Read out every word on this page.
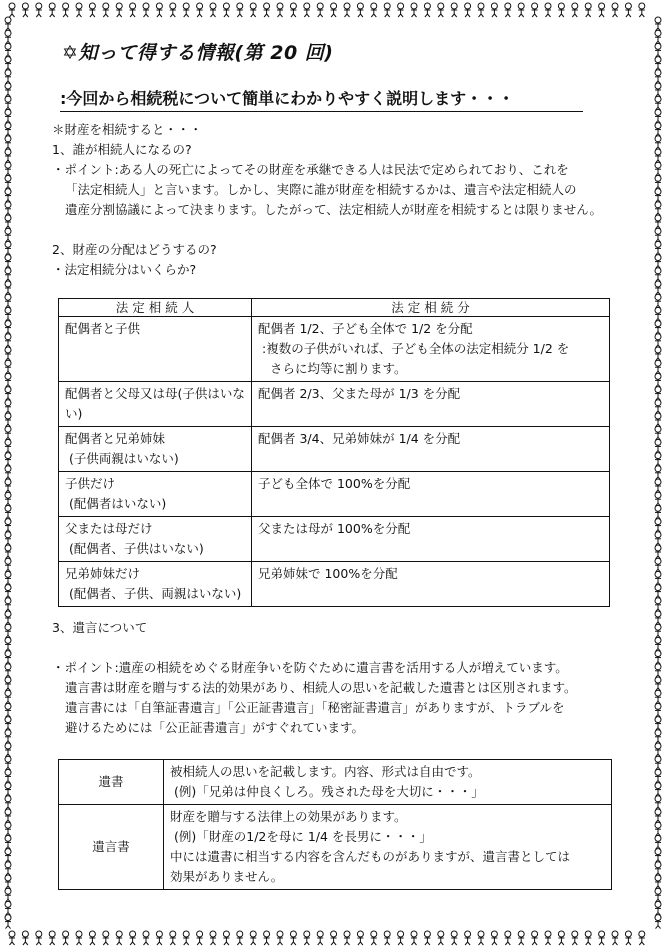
✡知って得する情報(第 20 回)
:今回から相続税について簡単にわかりやすく説明します・・・
＊財産を相続すると・・・
1、誰が相続人になるの?
・ポイント:ある人の死亡によってその財産を承継できる人は民法で定められており、これを
「法定相続人」と言います。しかし、実際に誰が財産を相続するかは、遺言や法定相続人の
遺産分割協議によって決まります。したがって、法定相続人が財産を相続するとは限りません。
2、財産の分配はどうするの?
・法定相続分はいくらか?
法 定 相 続 人	法 定 相 続 分
配偶者と子供	配偶者 1/2、子ども全体で 1/2 を分配
:複数の子供がいれば、子ども全体の法定相続分 1/2 を
さらに均等に割ります。

配偶者と父母又は母(子供はいな
い)	配偶者 2/3、父また母が 1/3 を分配
配偶者と兄弟姉妹
(子供両親はいない)	配偶者 3/4、兄弟姉妹が 1/4 を分配
子供だけ
(配偶者はいない)	子ども全体で 100%を分配
父または母だけ
(配偶者、子供はいない)	父または母が 100%を分配
兄弟姉妹だけ
(配偶者、子供、両親はいない)	兄弟姉妹で 100%を分配
3、遺言について
・ポイント:遺産の相続をめぐる財産争いを防ぐために遺言書を活用する人が増えています。
遺言書は財産を贈与する法的効果があり、相続人の思いを記載した遺書とは区別されます。
遺言書には「自筆証書遺言」「公正証書遺言」「秘密証書遺言」がありますが、トラブルを
避けるためには「公正証書遺言」がすぐれています。
遺書	被相続人の思いを記載します。内容、形式は自由です。
(例)「兄弟は仲良くしろ。残された母を大切に・・・」
遺言書	財産を贈与する法律上の効果があります。
(例)「財産の1/2を母に 1/4 を長男に・・・」
中には遺書に相当する内容を含んだものがありますが、遺言書としては
効果がありません。
